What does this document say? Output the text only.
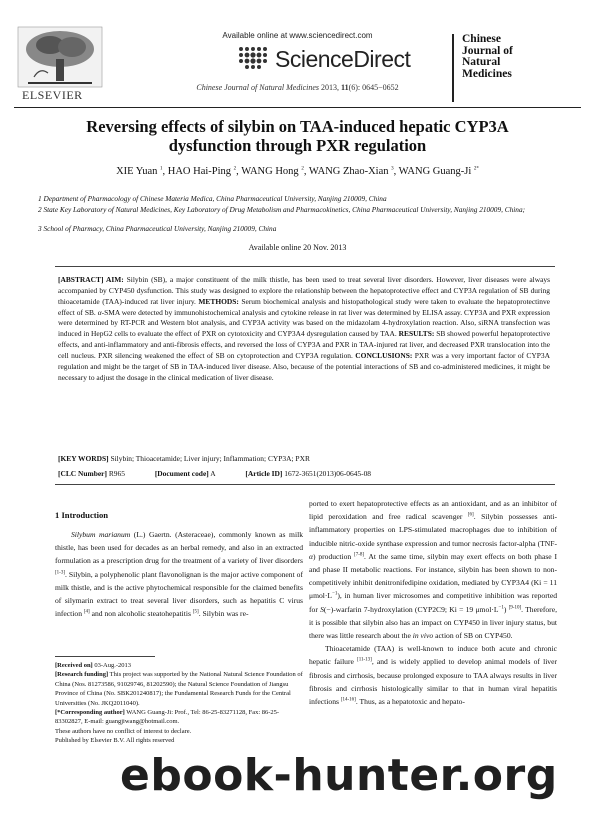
ELSEVIER
Available online at www.sciencedirect.com
ScienceDirect
Chinese Journal of Natural Medicines 2013, 11(6): 0645−0652
Chinese
Journal of
Natural
Medicines
Reversing effects of silybin on TAA-induced hepatic CYP3A
dysfunction through PXR regulation
XIE Yuan $^1$, HAO Hai-Ping $^2$, WANG Hong $^2$, WANG Zhao-Xian $^3$, WANG Guang-Ji $^{2*}$
1 Department of Pharmacology of Chinese Materia Medica, China Pharmaceutical University, Nanjing 210009, China
2 State Key Laboratory of Natural Medicines, Key Laboratory of Drug Metabolism and Pharmacokinetics, China Pharmaceutical University, Nanjing 210009, China;
3 School of Pharmacy, China Pharmaceutical University, Nanjing 210009, China
Available online 20 Nov. 2013
[ABSTRACT] AIM: Silybin (SB), a major constituent of the milk thistle, has been used to treat several liver disorders. However, liver diseases were always accompanied by CYP450 dysfunction. This study was designed to explore the relationship between the hepatoprotective effect and CYP3A regulation of SB during thioacetamide (TAA)-induced rat liver injury. METHODS: Serum biochemical analysis and histopathological study were taken to evaluate the hepatoprotectinve effect of SB. α-SMA were detected by immunohistochemical analysis and cytokine release in rat liver was determined by ELISA assay. CYP3A and PXR expression were determined by RT-PCR and Western blot analysis, and CYP3A activity was based on the midazolam 4-hydroxylation reaction. Also, siRNA transfection was induced in HepG2 cells to evaluate the effect of PXR on cytotoxicity and CYP3A4 dysregulation caused by TAA. RESULTS: SB showed powerful hepatoprotective effects, and anti-inflammatory and anti-fibrosis effects, and reversed the loss of CYP3A and PXR in TAA-injured rat liver, and decreased PXR translocation into the cell nucleus. PXR silencing weakened the effect of SB on cytoprotection and CYP3A regulation. CONCLUSIONS: PXR was a very important factor of CYP3A regulation and might be the target of SB in TAA-induced liver disease. Also, because of the potential interactions of SB and co-administered medicines, it might be necessary to adjust the dosage in the clinical medication of liver disease.
[KEY WORDS] Silybin; Thioacetamide; Liver injury; Inflammation; CYP3A; PXR
[CLC Number] R965	[Document code] A	[Article ID] 1672-3651(2013)06-0645-08
1 Introduction

Silybum marianum (L.) Gaertn. (Asteraceae), commonly known as milk thistle, has been used for decades as an herbal remedy, and also in an extracted formulation as a prescription drug for the treatment of a variety of liver disorders [1-3]. Silybin, a polyphenolic plant flavonolignan is the major active component of milk thistle, and is the active phytochemical responsible for the claimed benefits of silymarin extract to treat several liver disorders, such as hepatitis C virus infection [4] and non alcoholic steatohepatitis [5]. Silybin was re-

[Received on] 03-Aug.-2013

[Research funding] This project was supported by the National Natural Science Foundation of China (Nos. 81273586, 91029746, 81202590); the Natural Science Foundation of Jiangsu Province of China (No. SBK201240817); the Fundamental Research Funds for the Central Universities (No. JKQ2011040).

[*Corresponding author] WANG Guang-Ji: Prof., Tel: 86-25-83271128, Fax: 86-25-83302827, E-mail: guangjiwang@hotmail.com.

These authors have no conflict of interest to declare.

Published by Elsevier B.V. All rights reserved

ported to exert hepatoprotective effects as an antioxidant, and as an inhibitor of lipid peroxidation and free radical scavenger [6]. Silybin possesses anti-inflammatory properties on LPS-stimulated macrophages due to inhibition of inducible nitric-oxide synthase expression and tumor necrosis factor-alpha (TNF-α) production [7-8]. At the same time, silybin may exert effects on both phase I and phase II metabolic reactions. For instance, silybin has been shown to non-competitively inhibit denitronifedipine oxidation, mediated by CYP3A4 (Ki = 11 $\mu mol\cdot L^{-1}$), in human liver microsomes and competitive inhibition was reported for S(−)-warfarin 7-hydroxylation (CYP2C9; Ki = 19 $\mu mol\cdot L^{-1}$) [9-10]. Therefore, it is possible that silybin also has an impact on CYP450 in liver injury status, but there was little research about the in vivo action of SB on CYP450.

Thioacetamide (TAA) is well-known to induce both acute and chronic hepatic failure [11-13], and is widely applied to develop animal models of liver fibrosis and cirrhosis, because prolonged exposure to TAA always results in liver fibrosis and cirrhosis histologically similar to that in human viral hepatitis infections [14-16]. Thus, as a hepatotoxic and hepato-

ebook-hunter.org
